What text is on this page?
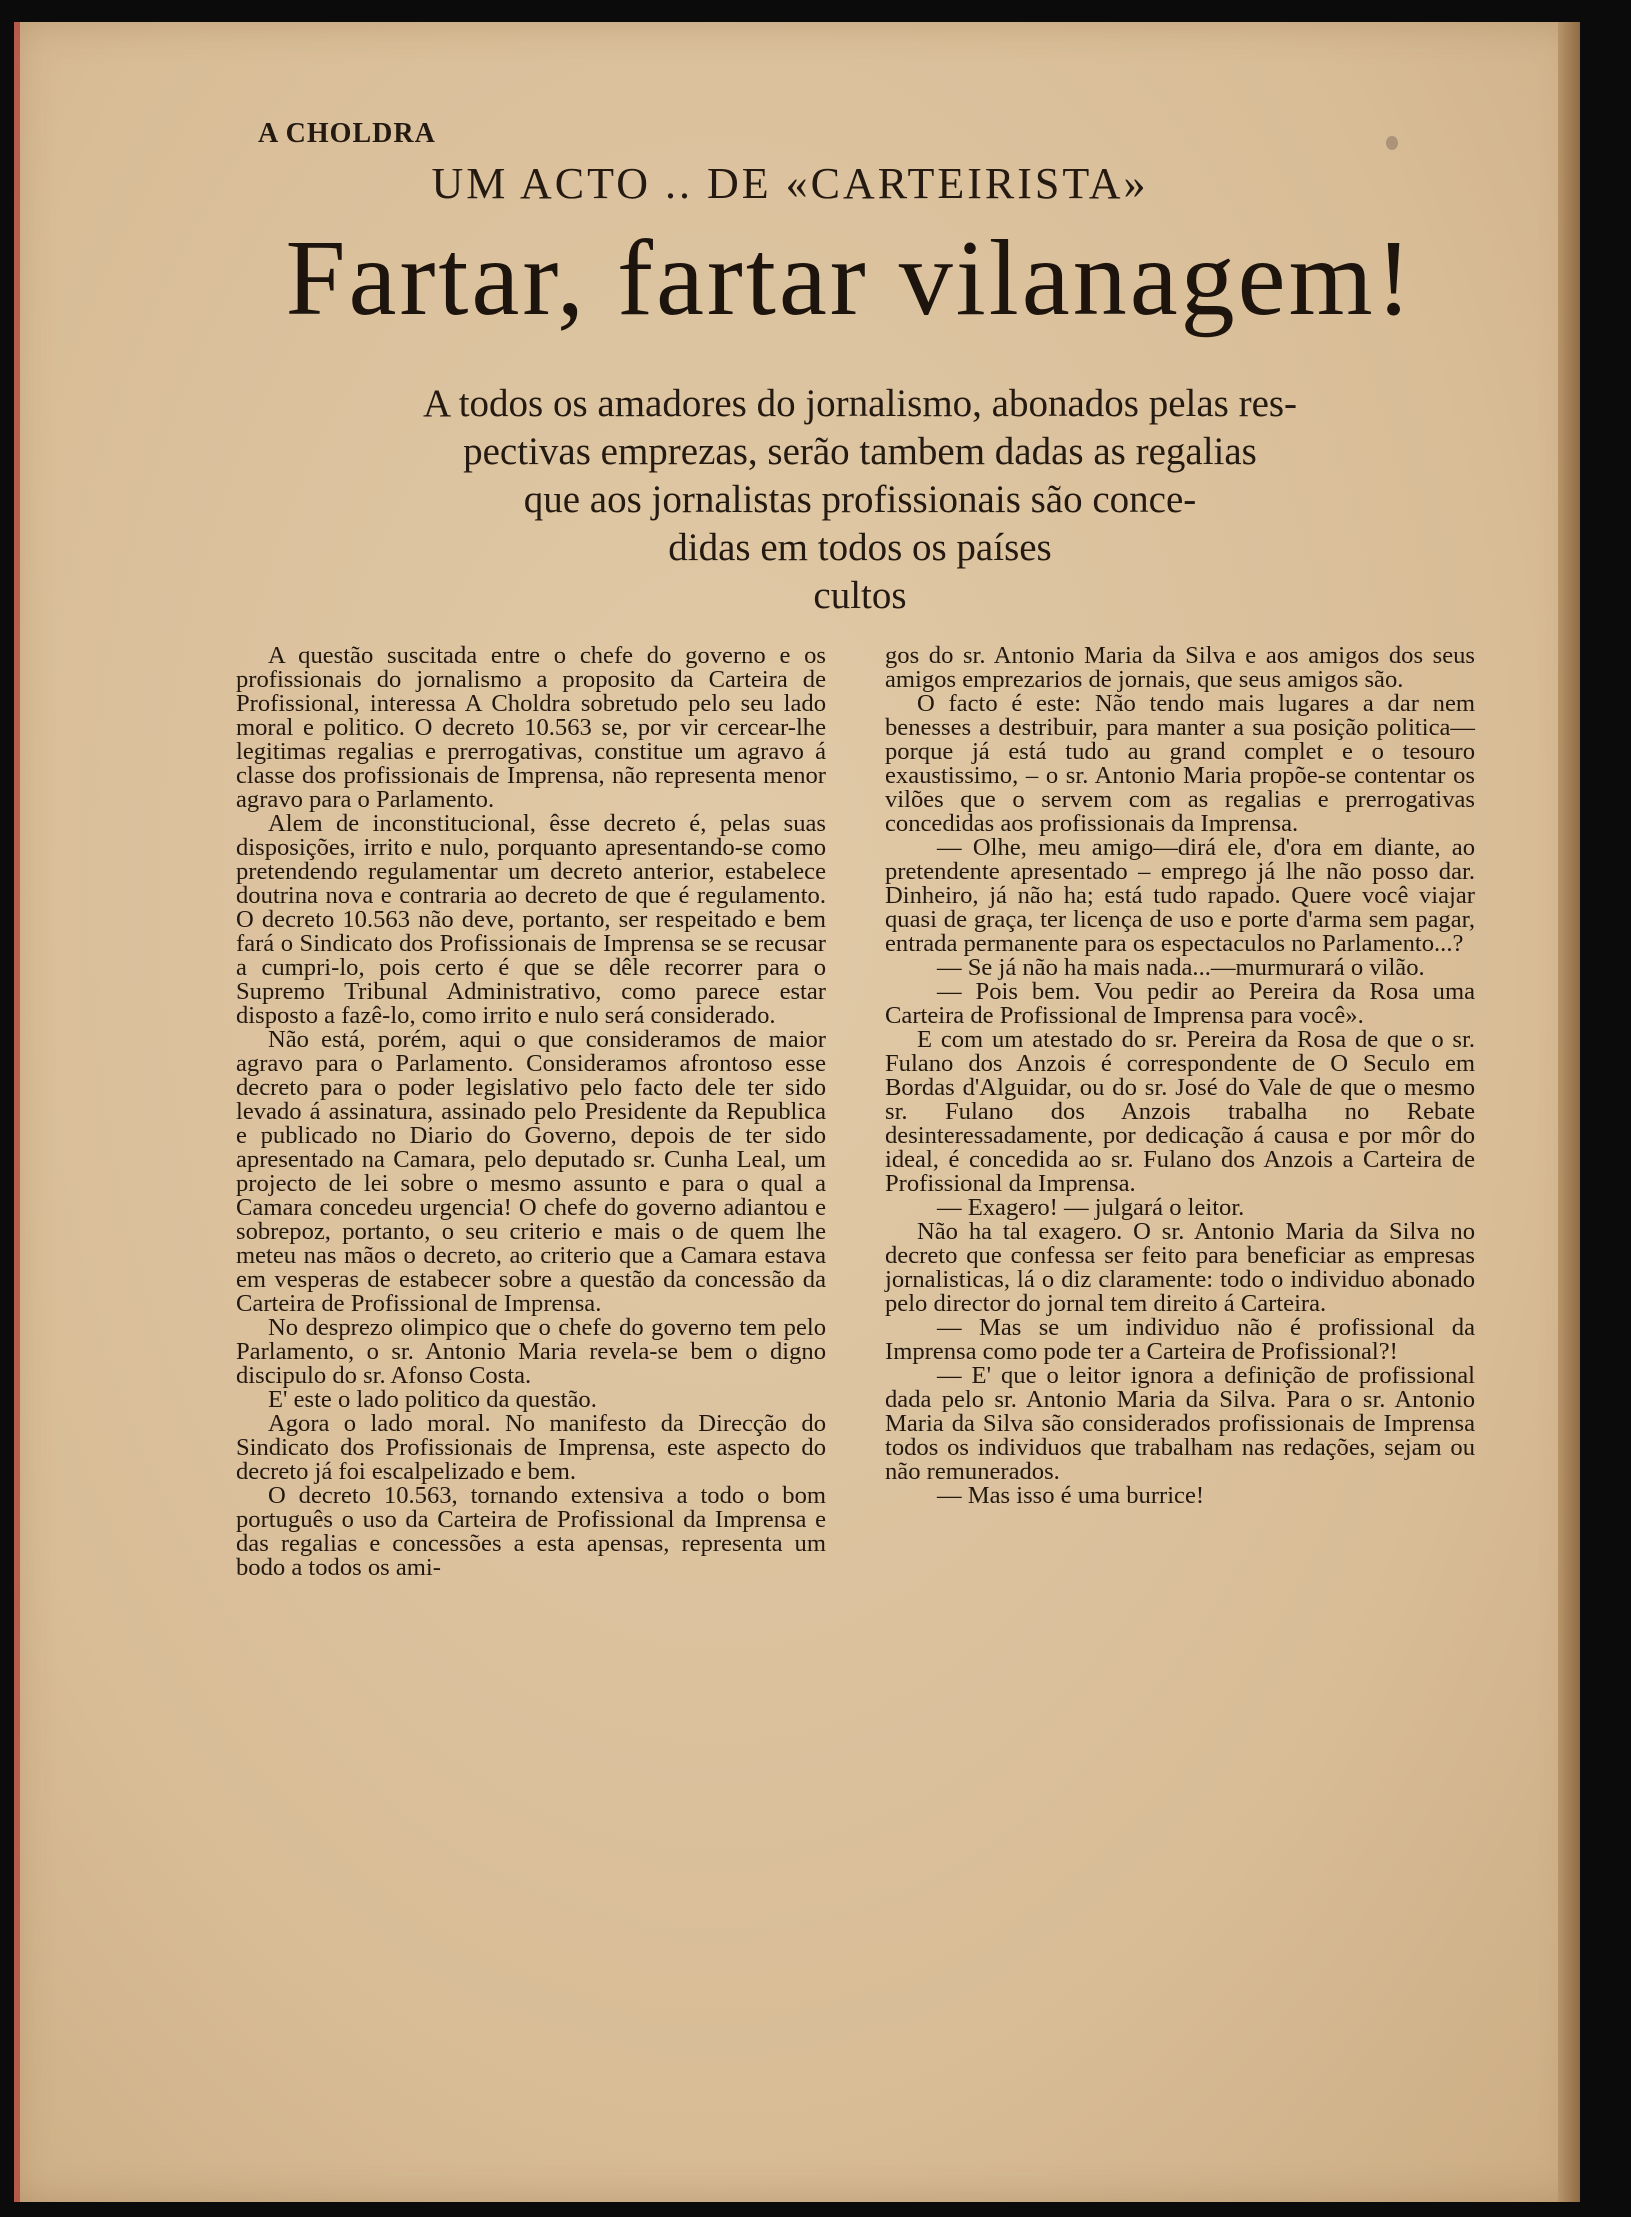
A CHOLDRA

UM ACTO .. DE «CARTEIRISTA»
Fartar, fartar vilanagem!
A todos os amadores do jornalismo, abonados pelas res-
pectivas emprezas, serão tambem dadas as regalias
que aos jornalistas profissionais são conce-
didas em todos os países
cultos

A questão suscitada entre o chefe do governo e os profissionais do jornalismo a proposito da Carteira de Profissional, interessa A Choldra sobretudo pelo seu lado moral e politico. O decreto 10.563 se, por vir cercear-lhe legitimas regalias e prerrogativas, constitue um agravo á classe dos profissionais de Imprensa, não representa menor agravo para o Parlamento.

Alem de inconstitucional, êsse decreto é, pelas suas disposições, irrito e nulo, porquanto apresentando-se como pretendendo regulamentar um decreto anterior, estabelece doutrina nova e contraria ao decreto de que é regulamento. O decreto 10.563 não deve, portanto, ser respeitado e bem fará o Sindicato dos Profissionais de Imprensa se se recusar a cumpri-lo, pois certo é que se dêle recorrer para o Supremo Tribunal Administrativo, como parece estar disposto a fazê-lo, como irrito e nulo será considerado.

Não está, porém, aqui o que consideramos de maior agravo para o Parlamento. Consideramos afrontoso esse decreto para o poder legislativo pelo facto dele ter sido levado á assinatura, assinado pelo Presidente da Republica e publicado no Diario do Governo, depois de ter sido apresentado na Camara, pelo deputado sr. Cunha Leal, um projecto de lei sobre o mesmo assunto e para o qual a Camara concedeu urgencia! O chefe do governo adiantou e sobrepoz, portanto, o seu criterio e mais o de quem lhe meteu nas mãos o decreto, ao criterio que a Camara estava em vesperas de estabecer sobre a questão da concessão da Carteira de Profissional de Imprensa.

No desprezo olimpico que o chefe do governo tem pelo Parlamento, o sr. Antonio Maria revela-se bem o digno discipulo do sr. Afonso Costa.

E' este o lado politico da questão.

Agora o lado moral. No manifesto da Direcção do Sindicato dos Profissionais de Imprensa, este aspecto do decreto já foi escalpelizado e bem.

O decreto 10.563, tornando extensiva a todo o bom português o uso da Carteira de Profissional da Imprensa e das regalias e concessões a esta apensas, representa um bodo a todos os ami-

gos do sr. Antonio Maria da Silva e aos amigos dos seus amigos emprezarios de jornais, que seus amigos são.

O facto é este: Não tendo mais lugares a dar nem benesses a destribuir, para manter a sua posição politica—porque já está tudo au grand complet e o tesouro exaustissimo, – o sr. Antonio Maria propõe-se contentar os vilões que o servem com as regalias e prerrogativas concedidas aos profissionais da Imprensa.

— Olhe, meu amigo—dirá ele, d'ora em diante, ao pretendente apresentado – emprego já lhe não posso dar. Dinheiro, já não ha; está tudo rapado. Quere você viajar quasi de graça, ter licença de uso e porte d'arma sem pagar, entrada permanente para os espectaculos no Parlamento...?

— Se já não ha mais nada...—murmurará o vilão.

— Pois bem. Vou pedir ao Pereira da Rosa uma Carteira de Profissional de Imprensa para você».

E com um atestado do sr. Pereira da Rosa de que o sr. Fulano dos Anzois é correspondente de O Seculo em Bordas d'Alguidar, ou do sr. José do Vale de que o mesmo sr. Fulano dos Anzois trabalha no Rebate desinteressadamente, por dedicação á causa e por môr do ideal, é concedida ao sr. Fulano dos Anzois a Carteira de Profissional da Imprensa.

— Exagero! — julgará o leitor.

Não ha tal exagero. O sr. Antonio Maria da Silva no decreto que confessa ser feito para beneficiar as empresas jornalisticas, lá o diz claramente: todo o individuo abonado pelo director do jornal tem direito á Carteira.

— Mas se um individuo não é profissional da Imprensa como pode ter a Carteira de Profissional?!

— E' que o leitor ignora a definição de profissional dada pelo sr. Antonio Maria da Silva. Para o sr. Antonio Maria da Silva são considerados profissionais de Imprensa todos os individuos que trabalham nas redações, sejam ou não remunerados.

— Mas isso é uma burrice!
